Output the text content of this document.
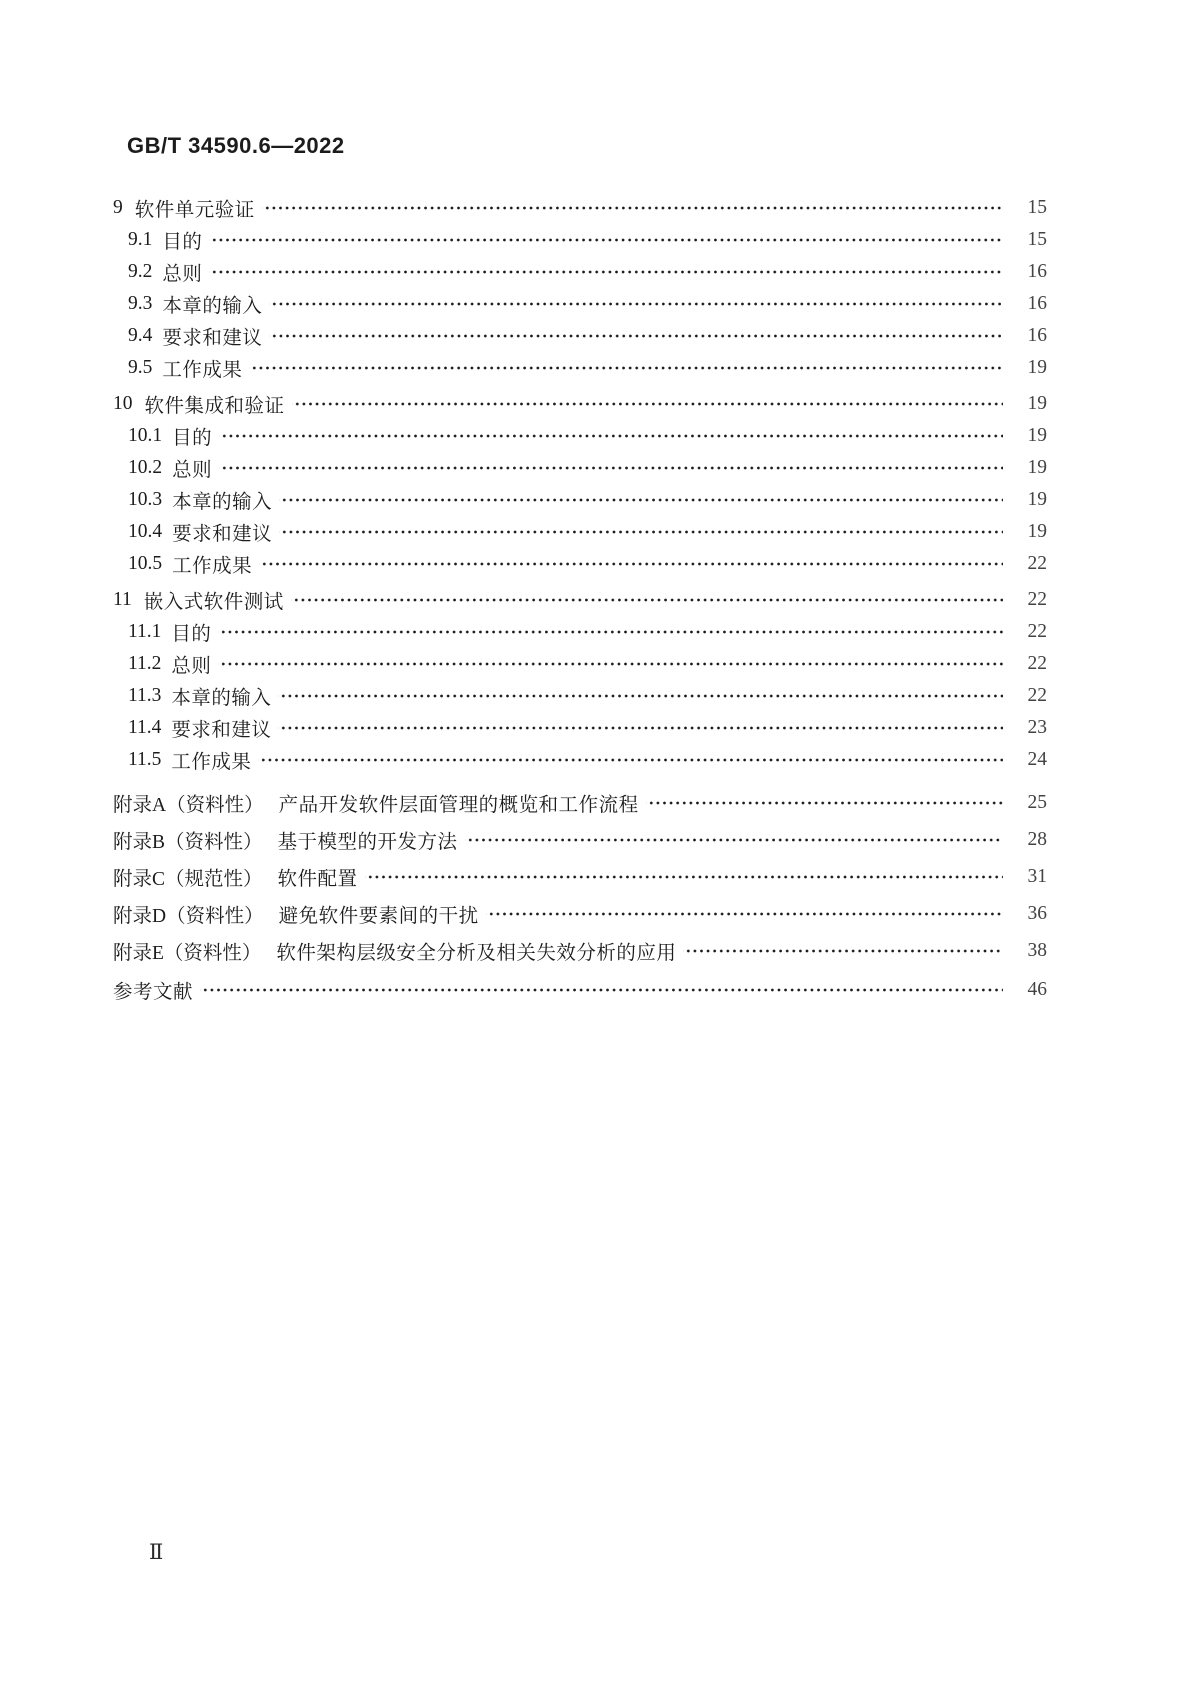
GB/T 34590.6—2022
9 软件单元验证	15
9.1 目的	15
9.2 总则	16
9.3 本章的输入	16
9.4 要求和建议	16
9.5 工作成果	19
10 软件集成和验证	19
10.1 目的	19
10.2 总则	19
10.3 本章的输入	19
10.4 要求和建议	19
10.5 工作成果	22
11 嵌入式软件测试	22
11.1 目的	22
11.2 总则	22
11.3 本章的输入	22
11.4 要求和建议	23
11.5 工作成果	24
附录A（资料性） 产品开发软件层面管理的概览和工作流程	25
附录B（资料性） 基于模型的开发方法	28
附录C（规范性） 软件配置	31
附录D（资料性） 避免软件要素间的干扰	36
附录E（资料性） 软件架构层级安全分析及相关失效分析的应用	38
参考文献	46
Ⅱ
